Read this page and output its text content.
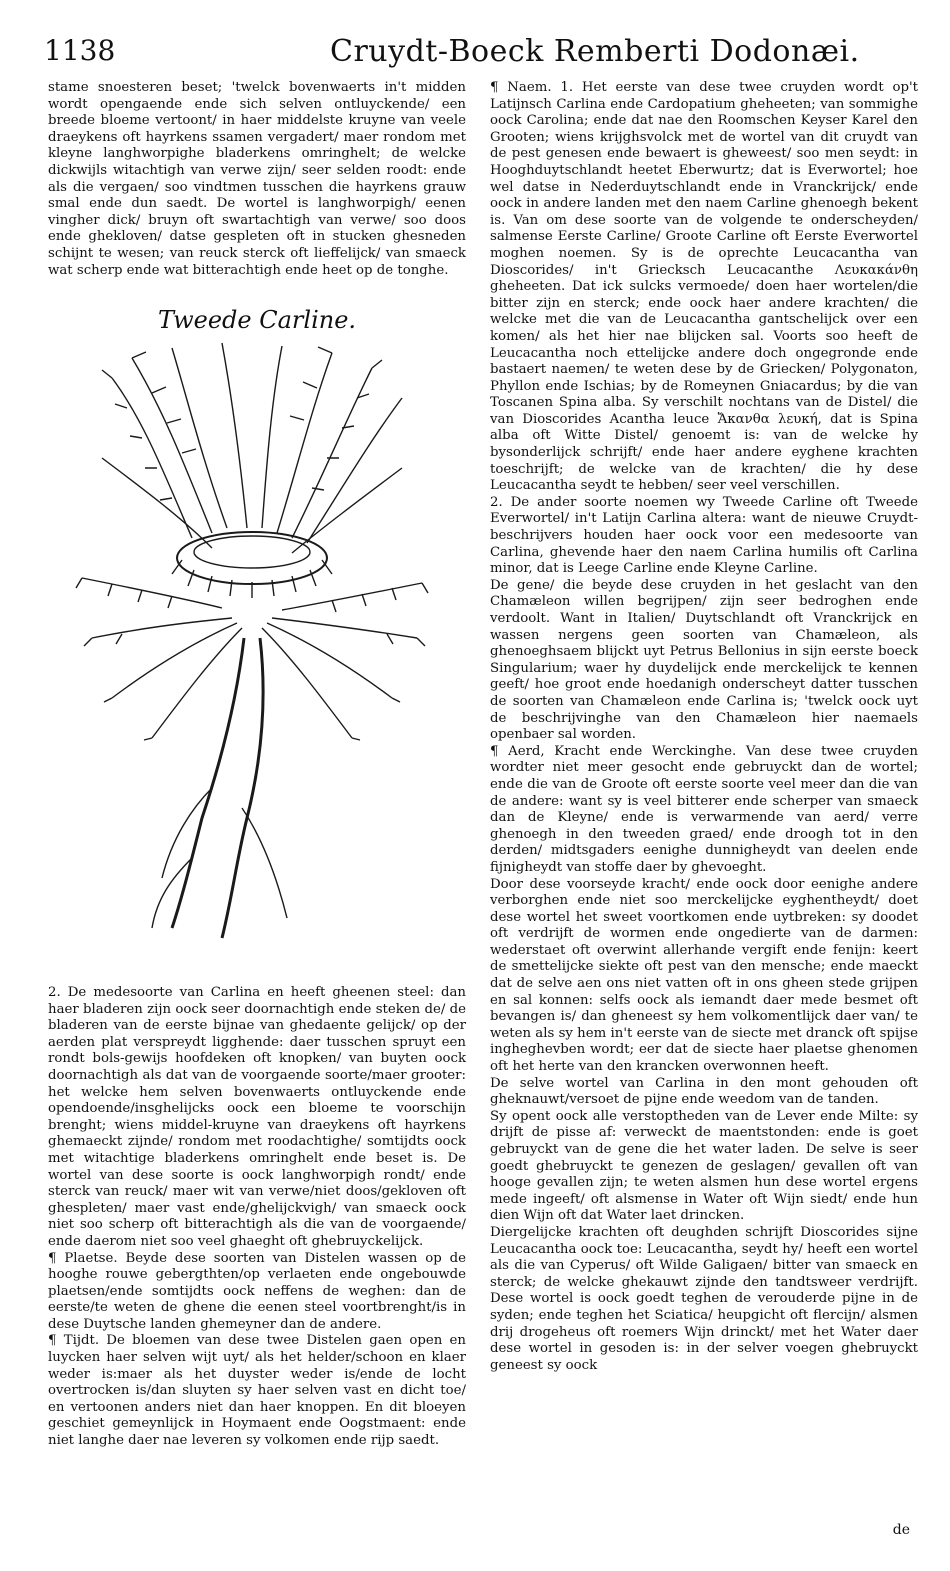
1138	Cruydt-Boeck Remberti Dodonæi.

stame snoesteren beset; 'twelck bovenwaerts in't midden wordt opengaende ende sich selven ontluyckende/ een breede bloeme vertoont/ in haer middelste kruyne van veele draeykens oft hayrkens ssamen vergadert/ maer rondom met kleyne langhworpighe bladerkens omringhelt; de welcke dickwijls witachtigh van verwe zijn/ seer selden roodt: ende als die vergaen/ soo vindtmen tusschen die hayrkens grauw smal ende dun saedt. De wortel is langhworpigh/ eenen vingher dick/ bruyn oft swartachtigh van verwe/ soo doos ende ghekloven/ datse gespleten oft in stucken ghesneden schijnt te wesen; van reuck sterck oft lieffelijck/ van smaeck wat scherp ende wat bitterachtigh ende heet op de tonghe.

Tweede Carline.

2. De medesoorte van Carlina en heeft gheenen steel: dan haer bladeren zijn oock seer doornachtigh ende steken de/ de bladeren van de eerste bijnae van ghedaente gelijck/ op der aerden plat verspreydt ligghende: daer tusschen spruyt een rondt bols-gewijs hoofdeken oft knopken/ van buyten oock doornachtigh als dat van de voorgaende soorte/maer grooter: het welcke hem selven bovenwaerts ontluyckende ende opendoende/insghelijcks oock een bloeme te voorschijn brenght; wiens middel-kruyne van draeykens oft hayrkens ghemaeckt zijnde/ rondom met roodachtighe/ somtijdts oock met witachtige bladerkens omringhelt ende beset is. De wortel van dese soorte is oock langhworpigh rondt/ ende sterck van reuck/ maer wit van verwe/niet doos/gekloven oft ghespleten/ maer vast ende/ghelijckvigh/ van smaeck oock niet soo scherp oft bitterachtigh als die van de voorgaende/ ende daerom niet soo veel ghaeght oft ghebruyckelijck.

¶ Plaetse. Beyde dese soorten van Distelen wassen op de hooghe rouwe gebergthten/op verlaeten ende ongebouwde plaetsen/ende somtijdts oock neffens de weghen: dan de eerste/te weten de ghene die eenen steel voortbrenght/is in dese Duytsche landen ghemeyner dan de andere.

¶ Tijdt. De bloemen van dese twee Distelen gaen open en luycken haer selven wijt uyt/ als het helder/schoon en klaer weder is:maer als het duyster weder is/ende de locht overtrocken is/dan sluyten sy haer selven vast en dicht toe/ en vertoonen anders niet dan haer knoppen. En dit bloeyen geschiet gemeynlijck in Hoymaent ende Oogstmaent: ende niet langhe daer nae leveren sy volkomen ende rijp saedt.

¶ Naem. 1. Het eerste van dese twee cruyden wordt op't Latijnsch Carlina ende Cardopatium gheheeten; van sommighe oock Carolina; ende dat nae den Roomschen Keyser Karel den Grooten; wiens krijghsvolck met de wortel van dit cruydt van de pest genesen ende bewaert is gheweest/ soo men seydt: in Hooghduytschlandt heetet Eberwurtz; dat is Everwortel; hoe wel datse in Nederduytschlandt ende in Vranckrijck/ ende oock in andere landen met den naem Carline ghenoegh bekent is. Van om dese soorte van de volgende te onderscheyden/ salmense Eerste Carline/ Groote Carline oft Eerste Everwortel moghen noemen. Sy is de oprechte Leucacantha van Dioscorides/ in't Griecksch Leucacanthe Λευκακάνθη gheheeten. Dat ick sulcks vermoede/ doen haer wortelen/die bitter zijn en sterck; ende oock haer andere krachten/ die welcke met die van de Leucacantha gantschelijck over een komen/ als het hier nae blijcken sal. Voorts soo heeft de Leucacantha noch ettelijcke andere doch ongegronde ende bastaert naemen/ te weten dese by de Griecken/ Polygonaton, Phyllon ende Ischias; by de Romeynen Gniacardus; by die van Toscanen Spina alba. Sy verschilt nochtans van de Distel/ die van Dioscorides Acantha leuce Ἄκανθα λευκή, dat is Spina alba oft Witte Distel/ genoemt is: van de welcke hy bysonderlijck schrijft/ ende haer andere eyghene krachten toeschrijft; de welcke van de krachten/ die hy dese Leucacantha seydt te hebben/ seer veel verschillen.

2. De ander soorte noemen wy Tweede Carline oft Tweede Everwortel/ in't Latijn Carlina altera: want de nieuwe Cruydt-beschrijvers houden haer oock voor een medesoorte van Carlina, ghevende haer den naem Carlina humilis oft Carlina minor, dat is Leege Carline ende Kleyne Carline.

De gene/ die beyde dese cruyden in het geslacht van den Chamæleon willen begrijpen/ zijn seer bedroghen ende verdoolt. Want in Italien/ Duytschlandt oft Vranckrijck en wassen nergens geen soorten van Chamæleon, als ghenoeghsaem blijckt uyt Petrus Bellonius in sijn eerste boeck Singularium; waer hy duydelijck ende merckelijck te kennen geeft/ hoe groot ende hoedanigh onderscheyt datter tusschen de soorten van Chamæleon ende Carlina is; 'twelck oock uyt de beschrijvinghe van den Chamæleon hier naemaels openbaer sal worden.

¶ Aerd, Kracht ende Werckinghe. Van dese twee cruyden wordter niet meer gesocht ende gebruyckt dan de wortel; ende die van de Groote oft eerste soorte veel meer dan die van de andere: want sy is veel bitterer ende scherper van smaeck dan de Kleyne/ ende is verwarmende van aerd/ verre ghenoegh in den tweeden graed/ ende droogh tot in den derden/ midtsgaders eenighe dunnigheydt van deelen ende fijnigheydt van stoffe daer by ghevoeght.

Door dese voorseyde kracht/ ende oock door eenighe andere verborghen ende niet soo merckelijcke eyghentheydt/ doet dese wortel het sweet voortkomen ende uytbreken: sy doodet oft verdrijft de wormen ende ongedierte van de darmen: wederstaet oft overwint allerhande vergift ende fenijn: keert de smettelijcke siekte oft pest van den mensche; ende maeckt dat de selve aen ons niet vatten oft in ons gheen stede grijpen en sal konnen: selfs oock als iemandt daer mede besmet oft bevangen is/ dan gheneest sy hem volkomentlijck daer van/ te weten als sy hem in't eerste van de siecte met dranck oft spijse ingheghevben wordt; eer dat de siecte haer plaetse ghenomen oft het herte van den krancken overwonnen heeft.

De selve wortel van Carlina in den mont gehouden oft gheknauwt/versoet de pijne ende weedom van de tanden.

Sy opent oock alle verstoptheden van de Lever ende Milte: sy drijft de pisse af: verweckt de maentstonden: ende is goet gebruyckt van de gene die het water laden. De selve is seer goedt ghebruyckt te genezen de geslagen/ gevallen oft van hooge gevallen zijn; te weten alsmen hun dese wortel ergens mede ingeeft/ oft alsmense in Water oft Wijn siedt/ ende hun dien Wijn oft dat Water laet drincken.

Diergelijcke krachten oft deughden schrijft Dioscorides sijne Leucacantha oock toe: Leucacantha, seydt hy/ heeft een wortel als die van Cyperus/ oft Wilde Galigaen/ bitter van smaeck en sterck; de welcke ghekauwt zijnde den tandtsweer verdrijft. Dese wortel is oock goedt teghen de verouderde pijne in de syden; ende teghen het Sciatica/ heupgicht oft flercijn/ alsmen drij drogeheus oft roemers Wijn drinckt/ met het Water daer dese wortel in gesoden is: in der selver voegen ghebruyckt geneest sy oock

de
